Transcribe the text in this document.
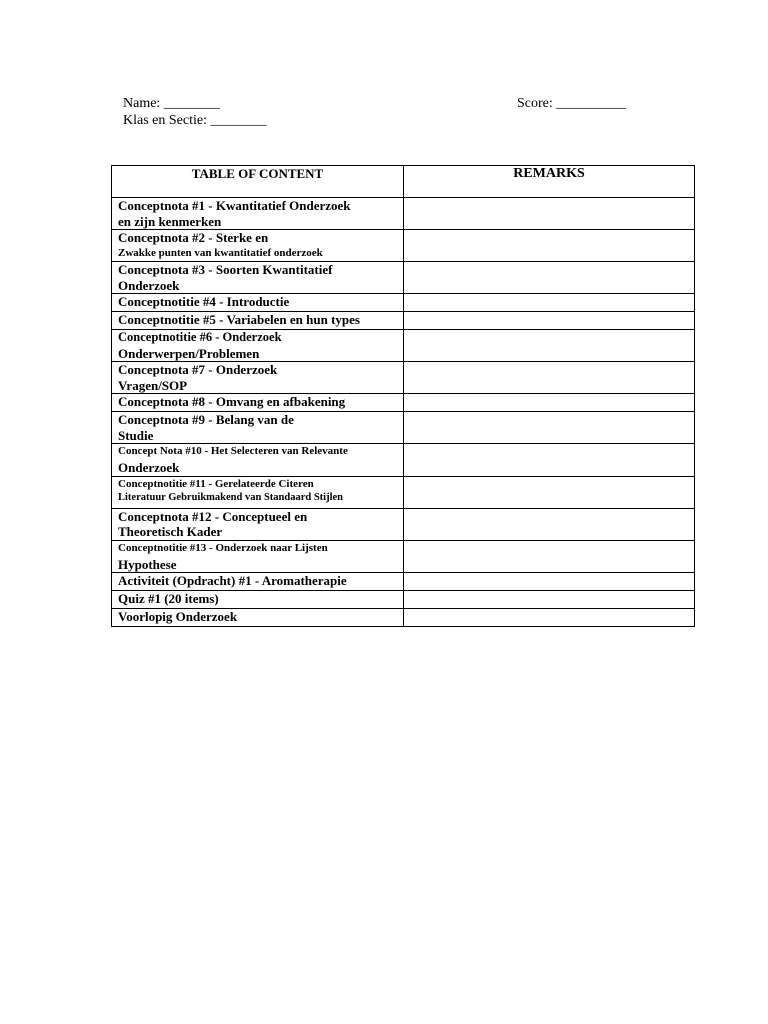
Name: ________
Klas en Sectie: ________
Score: __________
TABLE OF CONTENT	REMARKS

Conceptnota #1 - Kwantitatief Onderzoek
en zijn kenmerken	

Conceptnota #2 - Sterke en
Zwakke punten van kwantitatief onderzoek	

Conceptnota #3 - Soorten Kwantitatief
Onderzoek	

Conceptnotitie #4 - Introductie	

Conceptnotitie #5 - Variabelen en hun types	

Conceptnotitie #6 - Onderzoek
Onderwerpen/Problemen	

Conceptnota #7 - Onderzoek
Vragen/SOP	

Conceptnota #8 - Omvang en afbakening	

Conceptnota #9 - Belang van de
Studie	

Concept Nota #10 - Het Selecteren van Relevante
Onderzoek	

Conceptnotitie #11 - Gerelateerde Citeren
Literatuur Gebruikmakend van Standaard Stijlen	

Conceptnota #12 - Conceptueel en
Theoretisch Kader	

Conceptnotitie #13 - Onderzoek naar Lijsten
Hypothese	

Activiteit (Opdracht) #1 - Aromatherapie	

Quiz #1 (20 items)	

Voorlopig Onderzoek	
